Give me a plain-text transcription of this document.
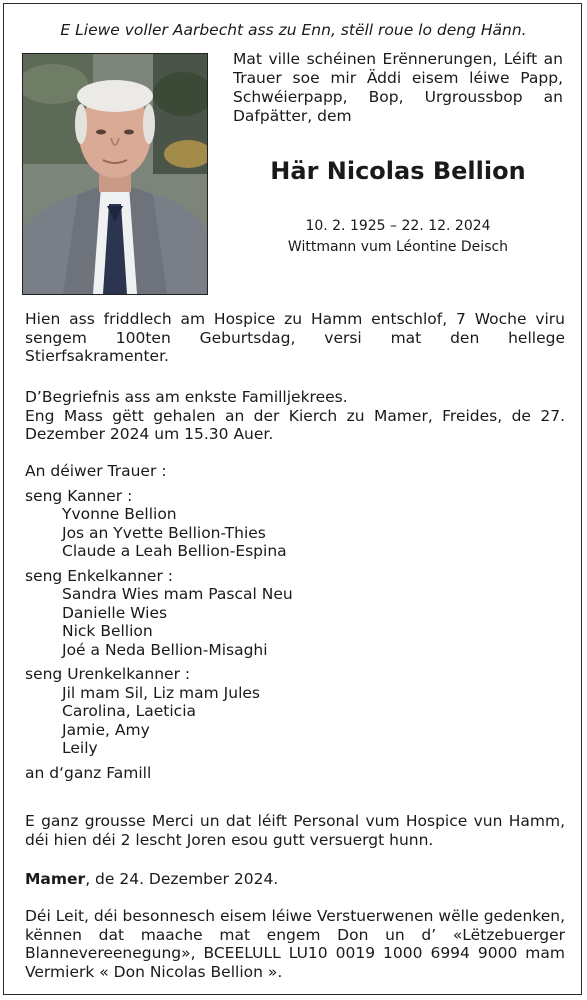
E Liewe voller Aarbecht ass zu Enn, stëll roue lo deng Hänn.
Mat ville schéinen Erënnerungen, Léift an Trauer soe mir Äddi eisem léiwe Papp, Schwéierpapp, Bop, Urgroussbop an Dafpätter, dem
Här Nicolas Bellion
10. 2. 1925 – 22. 12. 2024
Wittmann vum Léontine Deisch
Hien ass friddlech am Hospice zu Hamm entschlof, 7 Woche viru sengem 100ten Geburtsdag, versi mat den hellege Stierfsakramenter.
D’Begriefnis ass am enkste Familljekrees.
Eng Mass gëtt gehalen an der Kierch zu Mamer, Freides, de 27. Dezember 2024 um 15.30 Auer.
An déiwer Trauer :
seng Kanner :
Yvonne Bellion
Jos an Yvette Bellion-Thies
Claude a Leah Bellion-Espina
seng Enkelkanner :
Sandra Wies mam Pascal Neu
Danielle Wies
Nick Bellion
Joé a Neda Bellion-Misaghi
seng Urenkelkanner :
Jil mam Sil, Liz mam Jules
Carolina, Laeticia
Jamie, Amy
Leily
an d‘ganz Famill
E ganz grousse Merci un dat léift Personal vum Hospice vun Hamm, déi hien déi 2 lescht Joren esou gutt versuergt hunn.
Mamer, de 24. Dezember 2024.
Déi Leit, déi besonnesch eisem léiwe Verstuerwenen wëlle gedenken, kënnen dat maache mat engem Don un d’ «Lëtzebuerger Blannevereenegung», BCEELULL LU10 0019 1000 6994 9000 mam Vermierk « Don Nicolas Bellion ».
